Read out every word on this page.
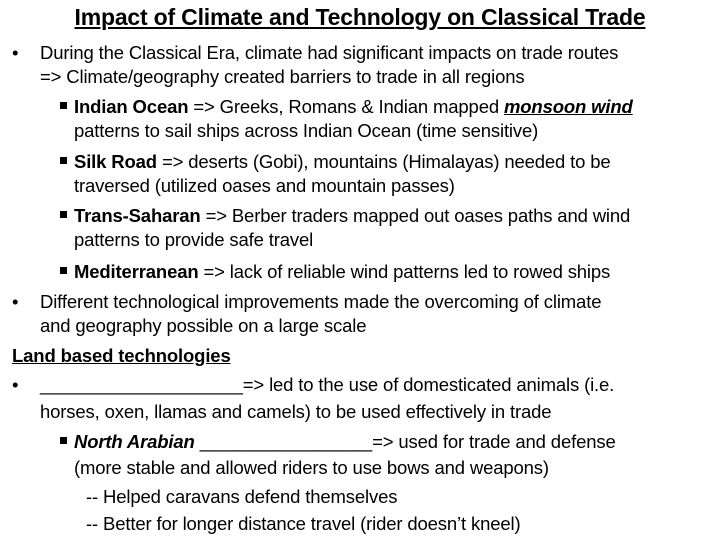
Impact of Climate and Technology on Classical Trade
• During the Classical Era, climate had significant impacts on trade routes
=> Climate/geography created barriers to trade in all regions
Indian Ocean => Greeks, Romans & Indian mapped monsoon wind
patterns to sail ships across Indian Ocean (time sensitive)
Silk Road => deserts (Gobi), mountains (Himalayas) needed to be
traversed (utilized oases and mountain passes)
Trans-Saharan => Berber traders mapped out oases paths and wind
patterns to provide safe travel
Mediterranean => lack of reliable wind patterns led to rowed ships
• Different technological improvements made the overcoming of climate
and geography possible on a large scale
Land based technologies
• ____________________=> led to the use of domesticated animals (i.e.
horses, oxen, llamas and camels) to be used effectively in trade
North Arabian _________________=> used for trade and defense
(more stable and allowed riders to use bows and weapons)
-- Helped caravans defend themselves
-- Better for longer distance travel (rider doesn’t kneel)
